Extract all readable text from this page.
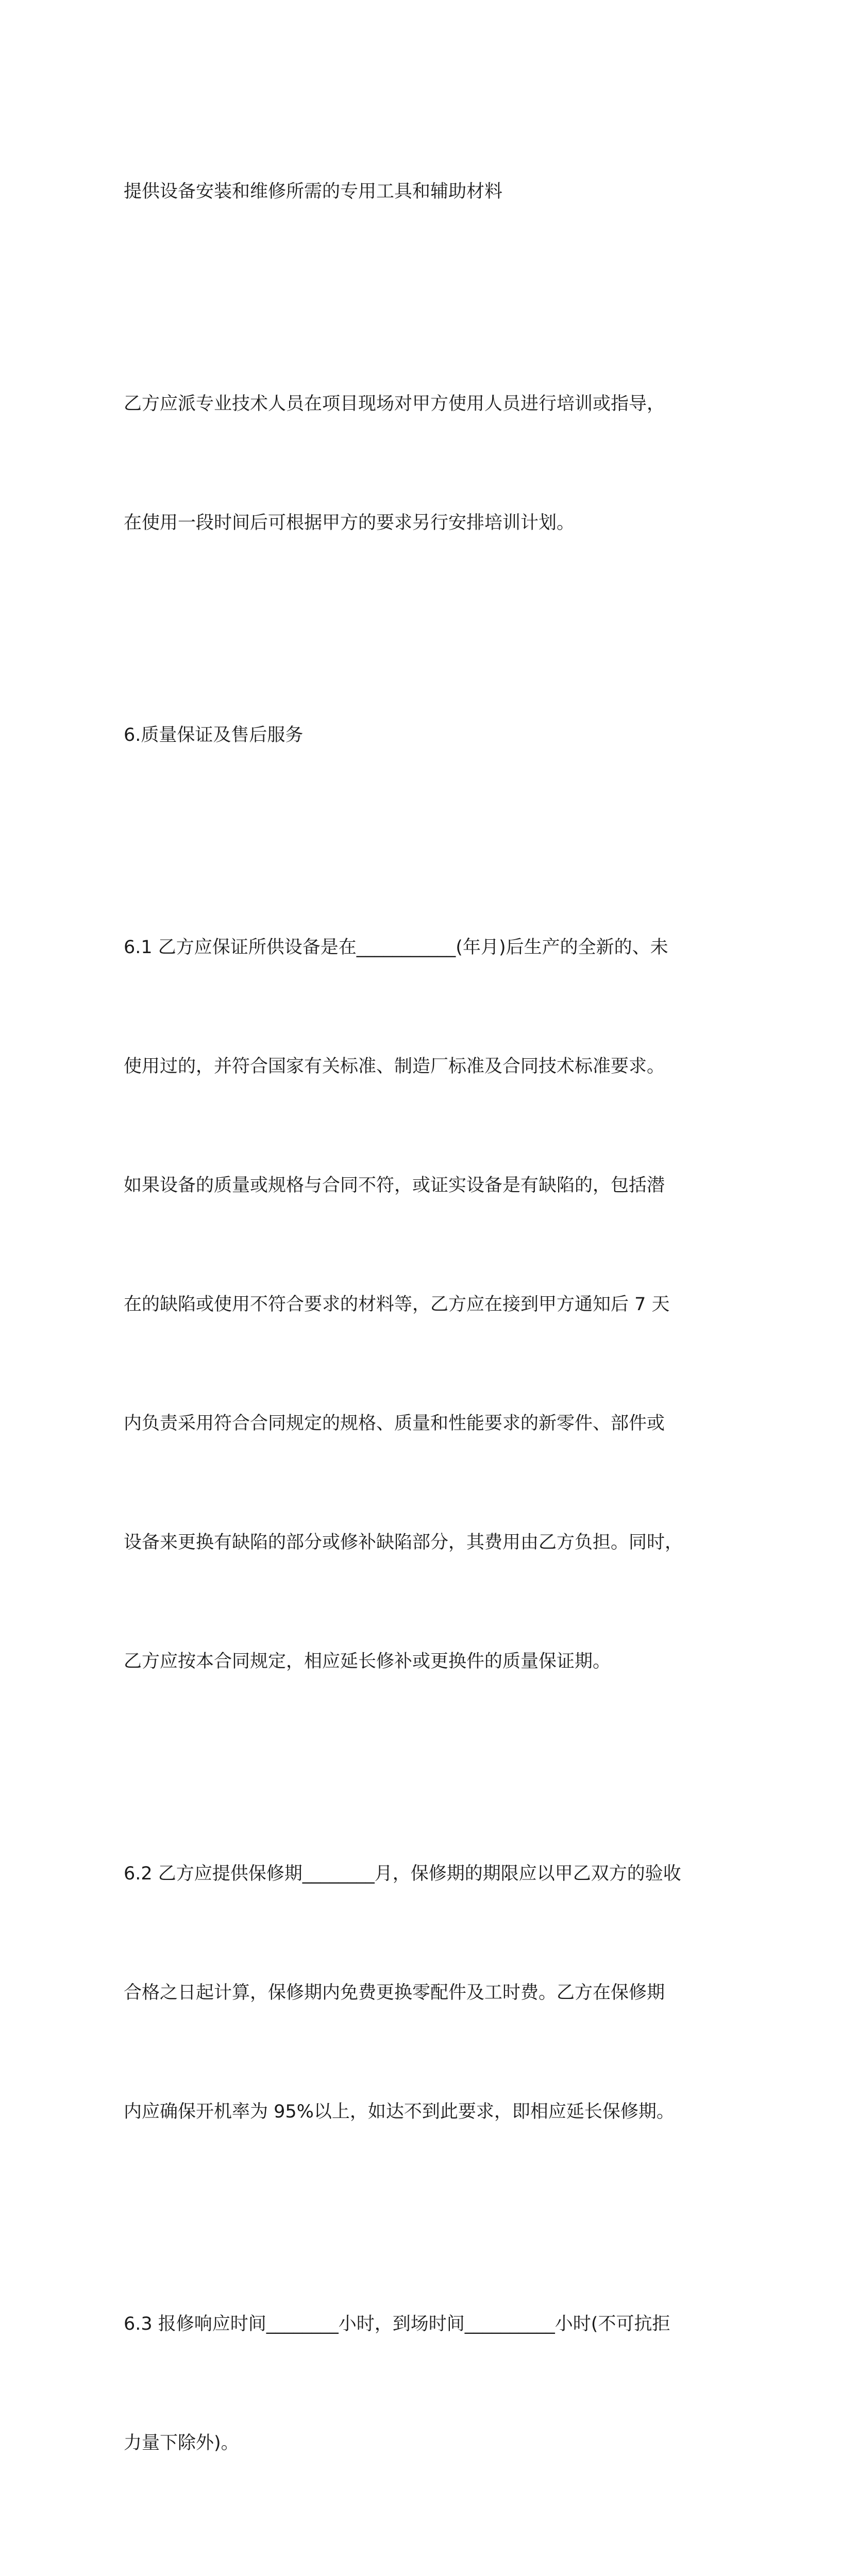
提供设备安装和维修所需的专用工具和辅助材料

乙方应派专业技术人员在项目现场对甲方使用人员进行培训或指导，

在使用一段时间后可根据甲方的要求另行安排培训计划。

6.质量保证及售后服务

6.1 乙方应保证所供设备是在___________(年月)后生产的全新的、未

使用过的，并符合国家有关标准、制造厂标准及合同技术标准要求。

如果设备的质量或规格与合同不符，或证实设备是有缺陷的，包括潜

在的缺陷或使用不符合要求的材料等，乙方应在接到甲方通知后 7 天

内负责采用符合合同规定的规格、质量和性能要求的新零件、部件或

设备来更换有缺陷的部分或修补缺陷部分，其费用由乙方负担。同时，

乙方应按本合同规定，相应延长修补或更换件的质量保证期。

6.2 乙方应提供保修期________月，保修期的期限应以甲乙双方的验收

合格之日起计算，保修期内免费更换零配件及工时费。乙方在保修期

内应确保开机率为 95%以上，如达不到此要求，即相应延长保修期。

6.3 报修响应时间________小时，到场时间__________小时(不可抗拒

力量下除外)。
